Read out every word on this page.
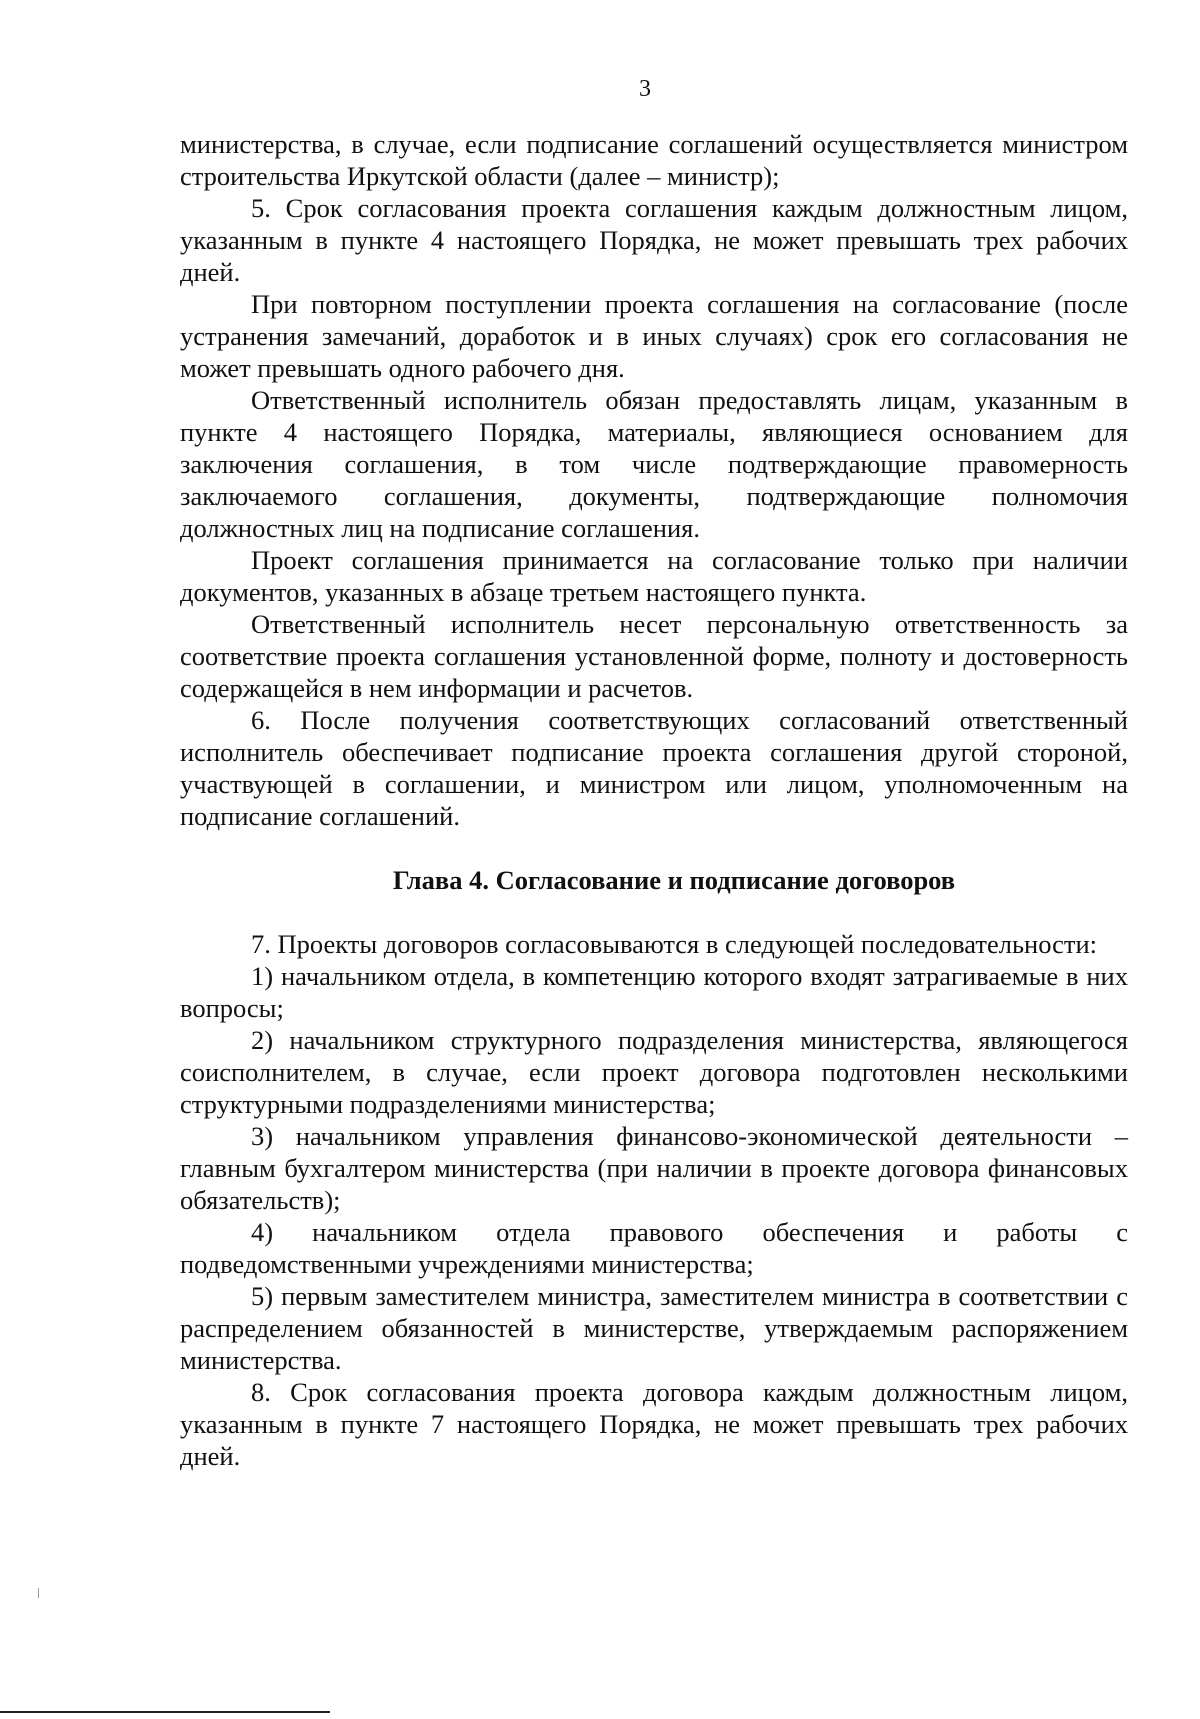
3

министерства, в случае, если подписание соглашений осуществляется министром строительства Иркутской области (далее – министр);

5. Срок согласования проекта соглашения каждым должностным лицом, указанным в пункте 4 настоящего Порядка, не может превышать трех рабочих дней.

При повторном поступлении проекта соглашения на согласование (после устранения замечаний, доработок и в иных случаях) срок его согласования не может превышать одного рабочего дня.

Ответственный исполнитель обязан предоставлять лицам, указанным в пункте 4 настоящего Порядка, материалы, являющиеся основанием для заключения соглашения, в том числе подтверждающие правомерность заключаемого соглашения, документы, подтверждающие полномочия должностных лиц на подписание соглашения.

Проект соглашения принимается на согласование только при наличии документов, указанных в абзаце третьем настоящего пункта.

Ответственный исполнитель несет персональную ответственность за соответствие проекта соглашения установленной форме, полноту и достоверность содержащейся в нем информации и расчетов.

6. После получения соответствующих согласований ответственный исполнитель обеспечивает подписание проекта соглашения другой стороной, участвующей в соглашении, и министром или лицом, уполномоченным на подписание соглашений.

Глава 4. Согласование и подписание договоров

7. Проекты договоров согласовываются в следующей последовательности:

1) начальником отдела, в компетенцию которого входят затрагиваемые в них вопросы;

2) начальником структурного подразделения министерства, являющегося соисполнителем, в случае, если проект договора подготовлен несколькими структурными подразделениями министерства;

3) начальником управления финансово-экономической деятельности – главным бухгалтером министерства (при наличии в проекте договора финансовых обязательств);

4) начальником отдела правового обеспечения и работы с подведомственными учреждениями министерства;

5) первым заместителем министра, заместителем министра в соответствии с распределением обязанностей в министерстве, утверждаемым распоряжением министерства.

8. Срок согласования проекта договора каждым должностным лицом, указанным в пункте 7 настоящего Порядка, не может превышать трех рабочих дней.
